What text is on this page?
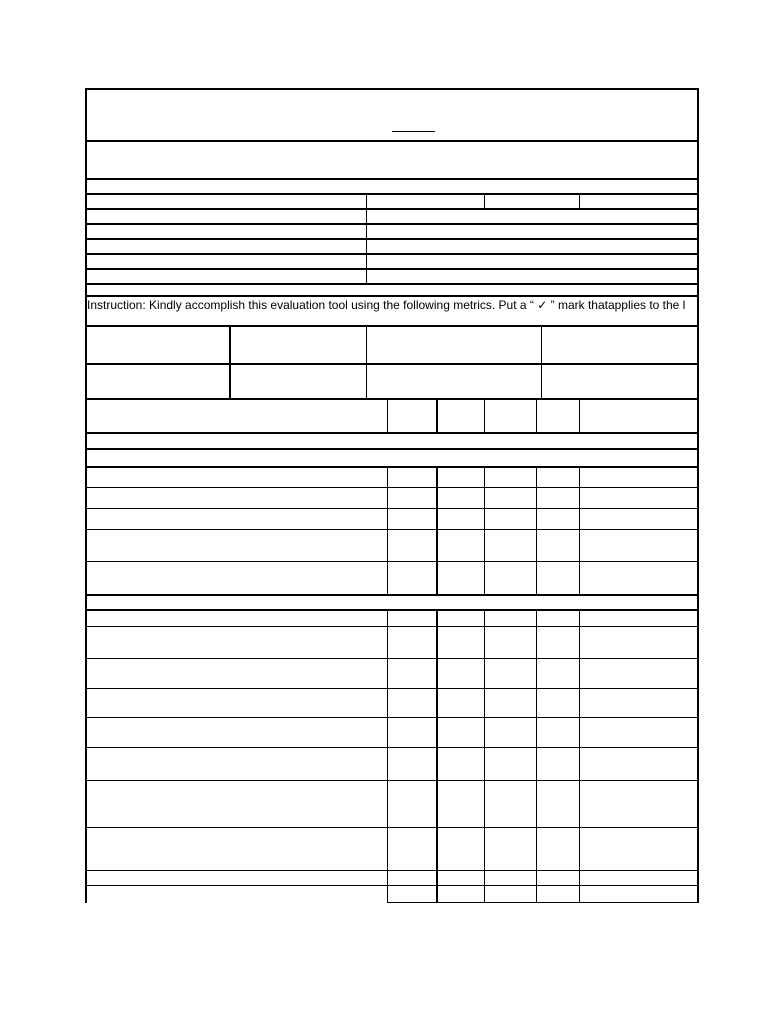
Instruction: Kindly accomplish this evaluation tool using the following metrics. Put a “ ✓ ” mark thatapplies to the l
